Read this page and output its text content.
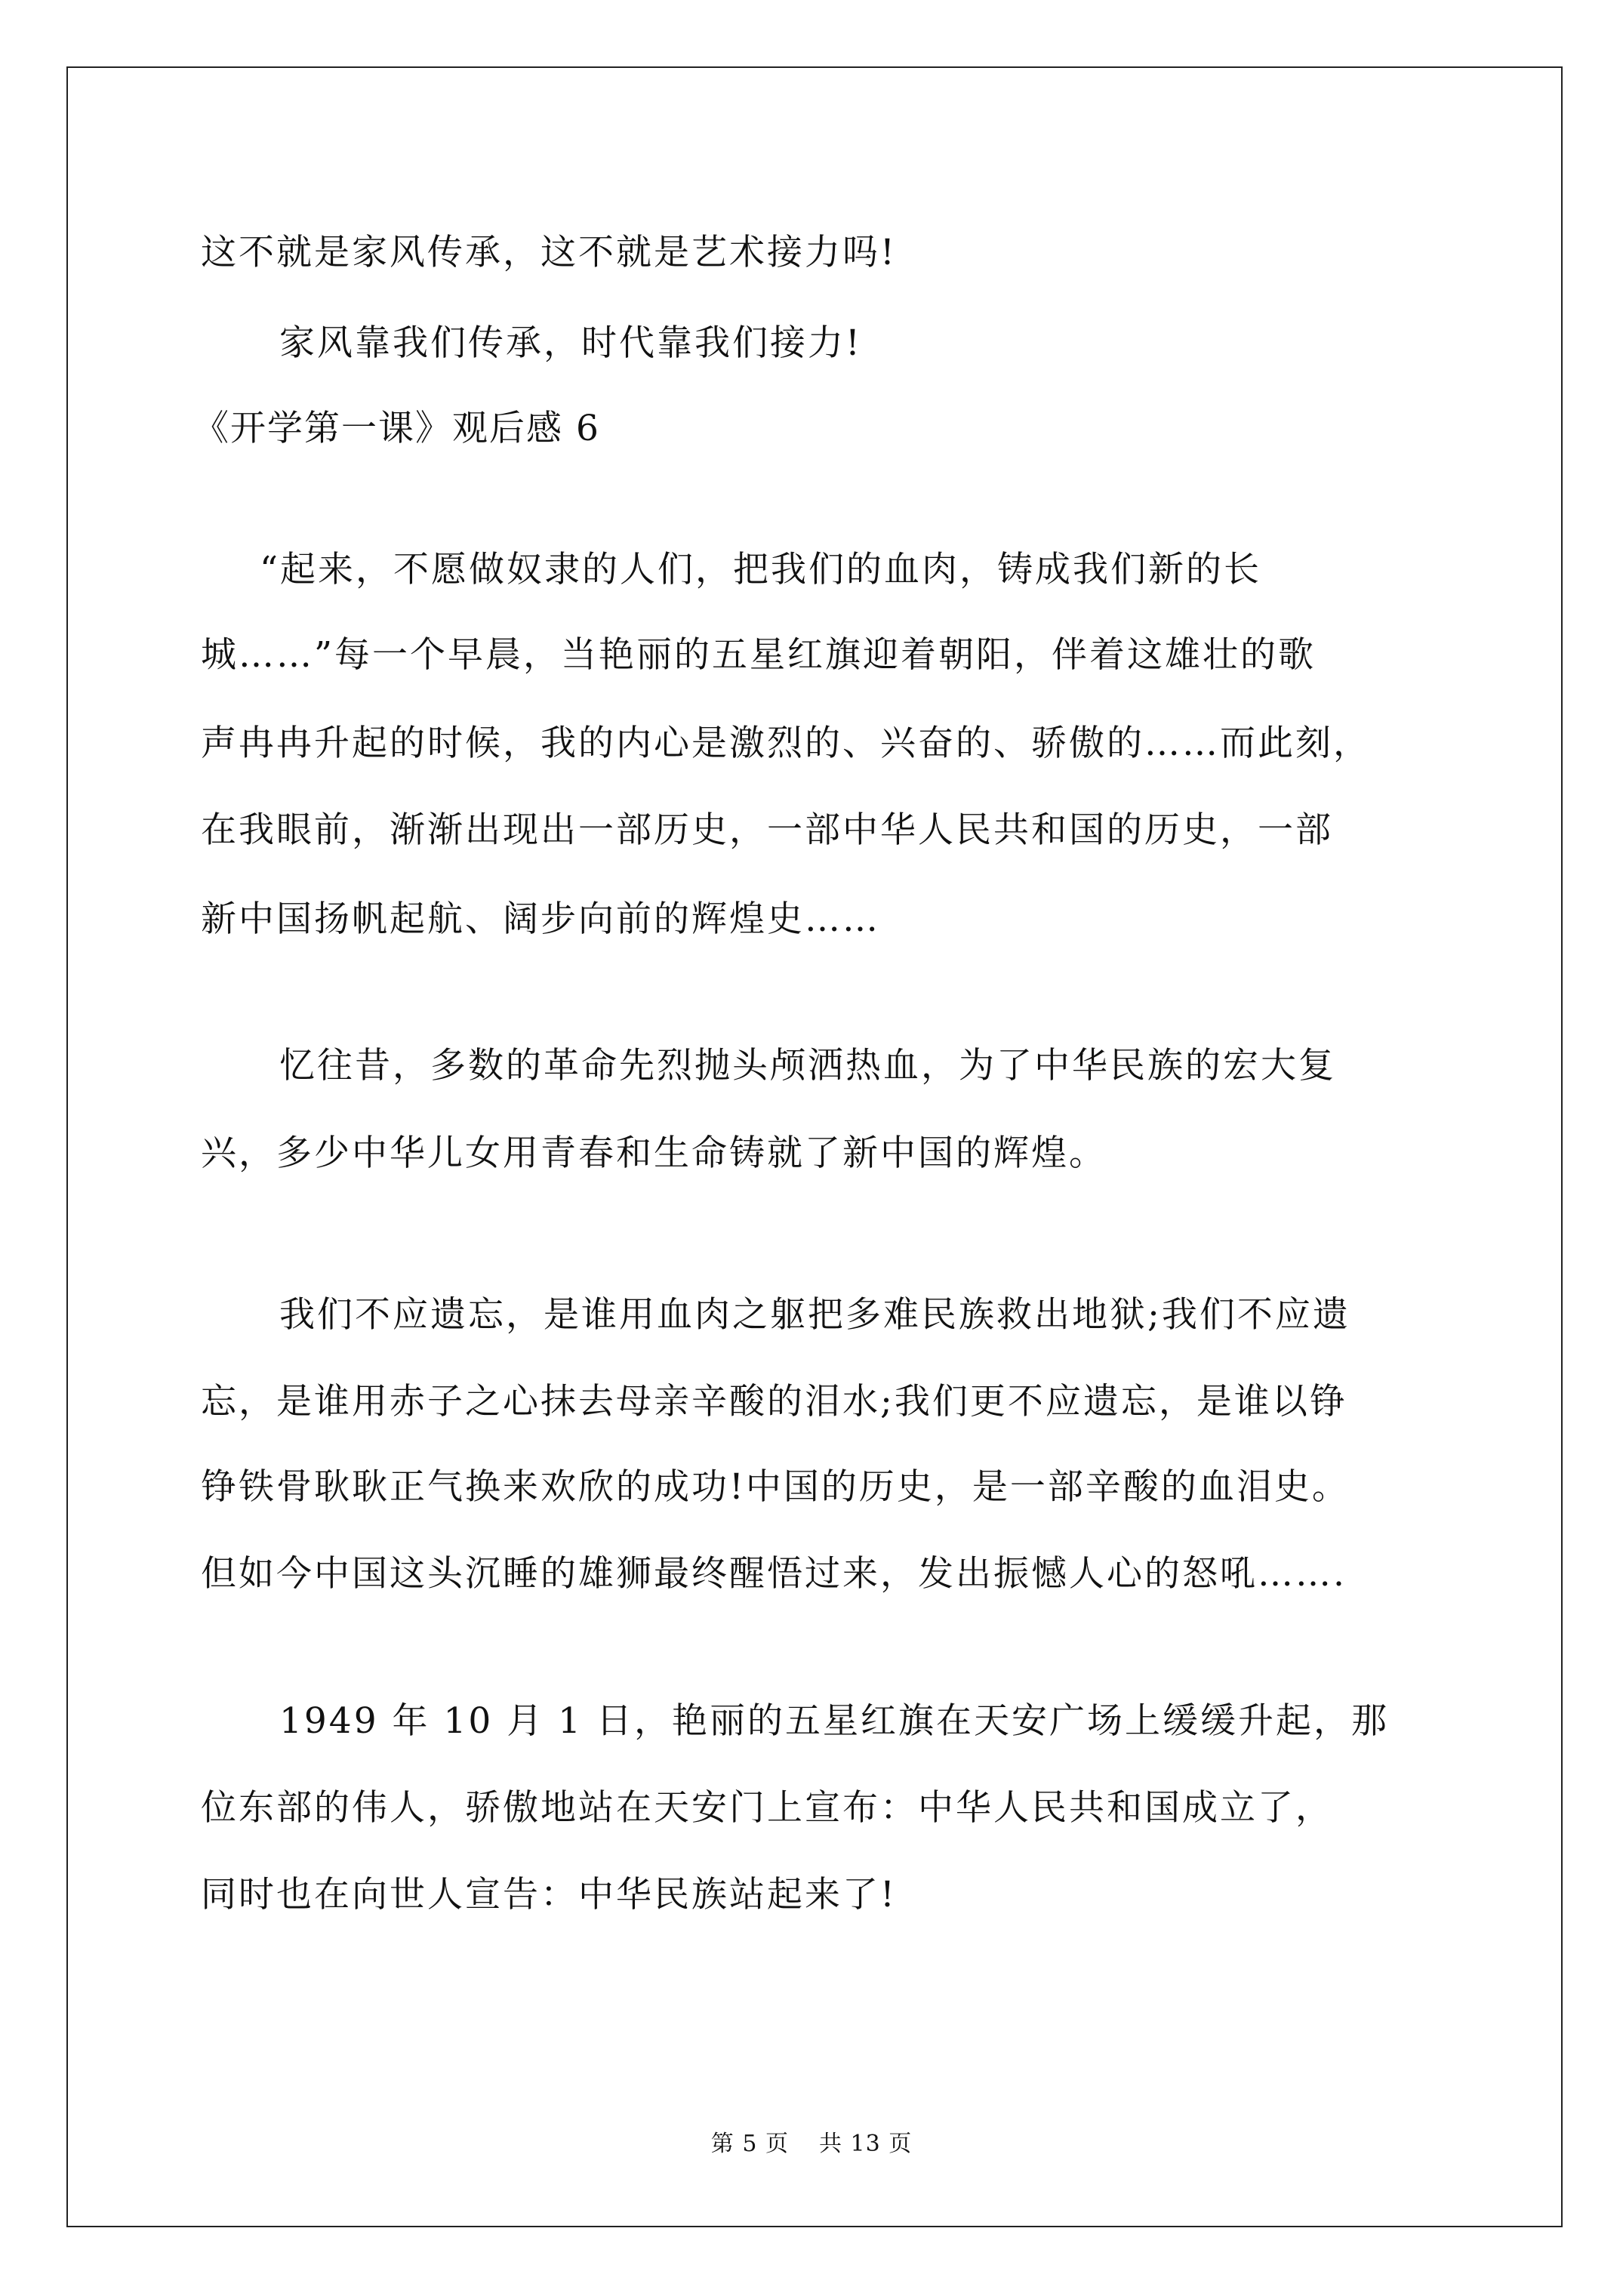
这不就是家风传承，这不就是艺术接力吗!
家风靠我们传承，时代靠我们接力!
《开学第一课》观后感 6
“起来，不愿做奴隶的人们，把我们的血肉，铸成我们新的长
城……”每一个早晨，当艳丽的五星红旗迎着朝阳，伴着这雄壮的歌
声冉冉升起的时候，我的内心是激烈的、兴奋的、骄傲的……而此刻，
在我眼前，渐渐出现出一部历史，一部中华人民共和国的历史，一部
新中国扬帆起航、阔步向前的辉煌史……
忆往昔，多数的革命先烈抛头颅洒热血，为了中华民族的宏大复
兴，多少中华儿女用青春和生命铸就了新中国的辉煌。
我们不应遗忘，是谁用血肉之躯把多难民族救出地狱;我们不应遗
忘，是谁用赤子之心抹去母亲辛酸的泪水;我们更不应遗忘，是谁以铮
铮铁骨耿耿正气换来欢欣的成功!中国的历史，是一部辛酸的血泪史。
但如今中国这头沉睡的雄狮最终醒悟过来，发出振憾人心的怒吼…….
1949 年 10 月 1 日，艳丽的五星红旗在天安广场上缓缓升起，那
位东部的伟人，骄傲地站在天安门上宣布：中华人民共和国成立了，
同时也在向世人宣告：中华民族站起来了!
第 5 页 共 13 页
